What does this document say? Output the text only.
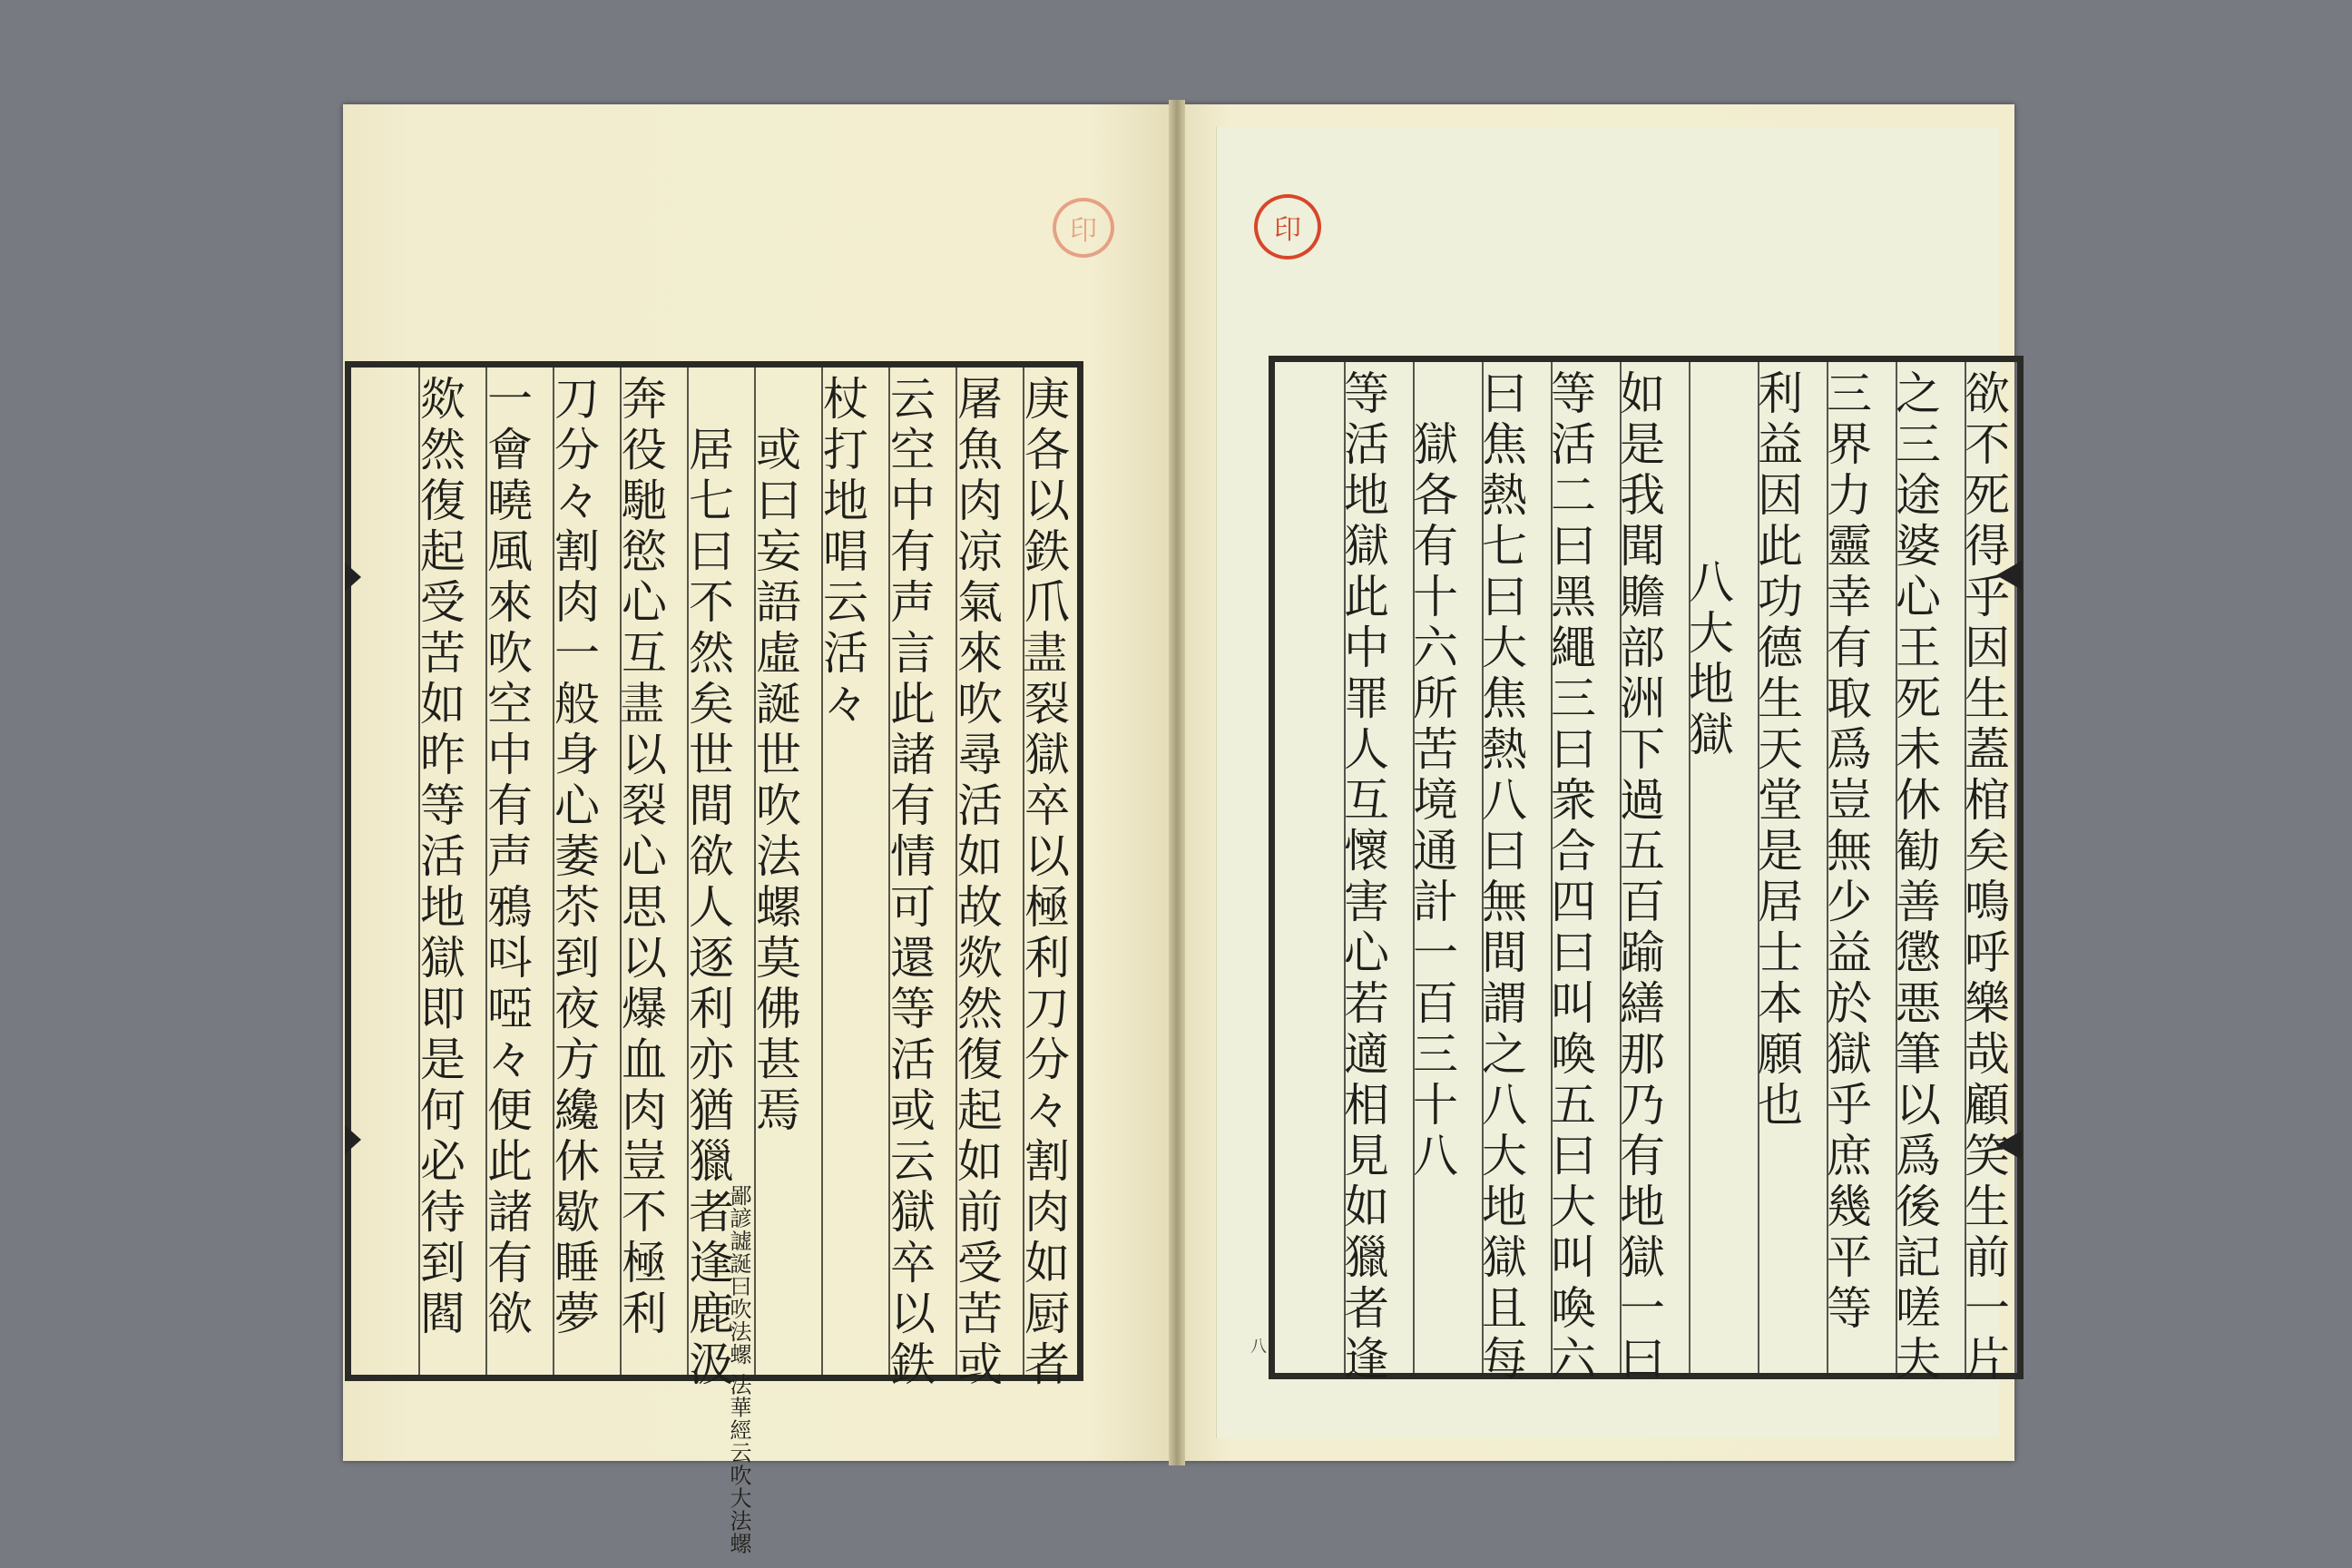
印	印
庚各以鉄爪𥁞裂獄卒以極利刀分々割肉如厨者
屠魚肉凉氣來吹尋活如故欻然復起如前受苦或
云空中有声言此諸有情可還等活或云獄卒以鉄
杖打地唱云活々
或曰妄語虛誕世吹法螺莫佛甚焉
鄙諺譃誕曰吹法螺 法華經云吹大法螺
居七曰不然矣世間欲人逐利亦猶獵者逢鹿汲
奔役馳慾心互𥁞以裂心思以爆血肉豈不極利
刀分々割肉一般身心萎苶到夜方纔休歇睡夢
一會曉風來吹空中有声鴉呌啞々便此諸有欲
欻然復起受苦如昨等活地獄即是何必待到閻	欲不死得乎因生蓋棺矣鳴呼樂哉顧笑生前一片
之三途婆心王死未休勧善懲悪筆以爲後記嗟夫
三界力靈幸有取爲豈無少益於獄乎庶幾平等
利益因此功德生天堂是居士本願也
八大地獄
如是我聞贍部洲下過五百踰繕那乃有地獄一曰
等活二曰黑繩三曰衆合四曰叫喚五曰大叫喚六
曰焦熱七曰大焦熱八曰無間謂之八大地獄且每
獄各有十六所苦境通計一百三十八
等活地獄此中罪人互懷害心若適相見如獵者逢
八
